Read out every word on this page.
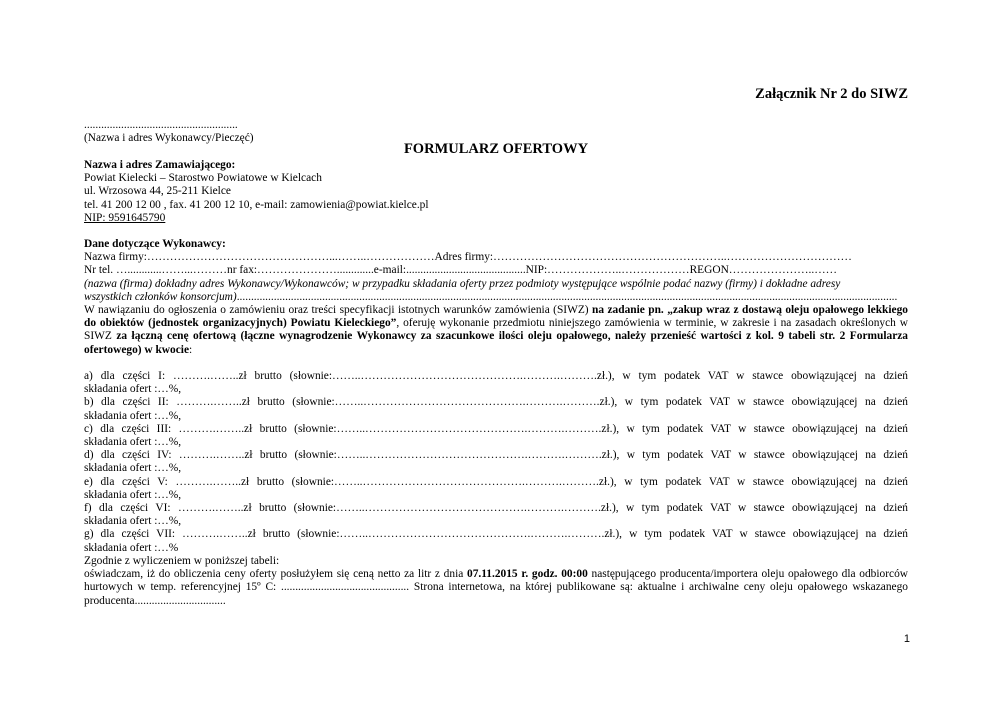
Załącznik Nr 2 do SIWZ
......................................................
(Nazwa i adres Wykonawcy/Pieczęć)
FORMULARZ OFERTOWY
Nazwa i adres Zamawiającego:
Powiat Kielecki – Starostwo Powiatowe w Kielcach
ul. Wrzosowa 44, 25-211 Kielce
tel. 41 200 12 00 , fax. 41 200 12 10, e-mail: zamowienia@powiat.kielce.pl
NIP: 9591645790
Dane dotyczące Wykonawcy:
Nazwa firmy:…………………………………………...……..………………Adres firmy:……………………………………………………..……………………………
Nr tel. …............……...………nr fax:………………….............e-mail:..........................................NIP:………………..………………REGON…………………..……
(nazwa (firma) dokładny adres Wykonawcy/Wykonawców; w przypadku składania oferty przez podmioty występujące wspólnie podać nazwy (firmy) i dokładne adresy
wszystkich członków konsorcjum)........................................................................................................................................................................................................................................
W nawiązaniu do ogłoszenia o zamówieniu oraz treści specyfikacji istotnych warunków zamówienia (SIWZ) na zadanie pn. „zakup wraz z dostawą oleju opałowego lekkiego do obiektów (jednostek organizacyjnych) Powiatu Kieleckiego”, oferuję wykonanie przedmiotu niniejszego zamówienia w terminie, w zakresie i na zasadach określonych w SIWZ za łączną cenę ofertową (łączne wynagrodzenie Wykonawcy za szacunkowe ilości oleju opałowego, należy przenieść wartości z kol. 9 tabeli str. 2 Formularza ofertowego) w kwocie:
a) dla części I: ……….……..zł brutto (słownie:……..…………………………………….……….……….zł.), w tym podatek VAT w stawce obowiązującej na dzień
składania ofert :…%,
b) dla części II: ……….……..zł brutto (słownie:……..…………………………………….……….……….zł.), w tym podatek VAT w stawce obowiązującej na dzień
składania ofert :…%,
c) dla części III: ……….……..zł brutto (słownie:……..…………………………………….……….……….zł.), w tym podatek VAT w stawce obowiązującej na dzień
składania ofert :…%,
d) dla części IV: ……….……..zł brutto (słownie:……..…………………………………….……….……….zł.), w tym podatek VAT w stawce obowiązującej na dzień
składania ofert :…%,
e) dla części V: ……….……..zł brutto (słownie:……..…………………………………….……….……….zł.), w tym podatek VAT w stawce obowiązującej na dzień
składania ofert :…%,
f) dla części VI: ……….……..zł brutto (słownie:……..…………………………………….……….……….zł.), w tym podatek VAT w stawce obowiązującej na dzień
składania ofert :…%,
g) dla części VII: ……….……..zł brutto (słownie:……..…………………………………….……….……….zł.), w tym podatek VAT w stawce obowiązującej na dzień
składania ofert :…%
Zgodnie z wyliczeniem w poniższej tabeli:
oświadczam, iż do obliczenia ceny oferty posłużyłem się ceną netto za litr z dnia 07.11.2015 r. godz. 00:00 następującego producenta/importera oleju opałowego dla odbiorców hurtowych w temp. referencyjnej 15º C: ............................................. Strona internetowa, na której publikowane są: aktualne i archiwalne ceny oleju opałowego wskazanego producenta................................
1
